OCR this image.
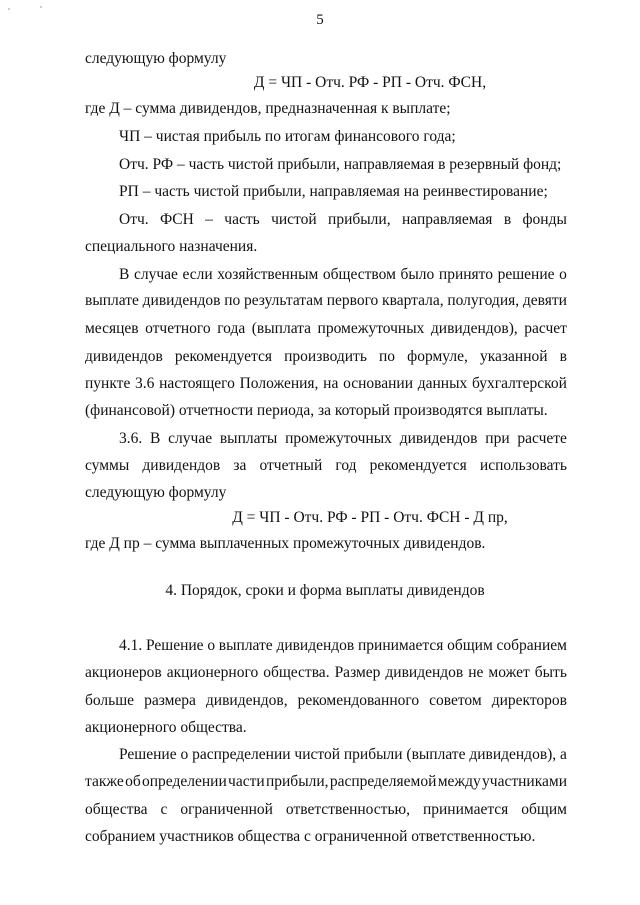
5
следующую формулу
Д = ЧП - Отч. РФ - РП - Отч. ФСН,
где Д – сумма дивидендов, предназначенная к выплате;
ЧП – чистая прибыль по итогам финансового года;
Отч. РФ – часть чистой прибыли, направляемая в резервный фонд;
РП – часть чистой прибыли, направляемая на реинвестирование;
Отч. ФСН – часть чистой прибыли, направляемая в фонды
специального назначения.
В случае если хозяйственным обществом было принято решение о
выплате дивидендов по результатам первого квартала, полугодия, девяти
месяцев отчетного года (выплата промежуточных дивидендов), расчет
дивидендов рекомендуется производить по формуле, указанной в
пункте 3.6 настоящего Положения, на основании данных бухгалтерской
(финансовой) отчетности периода, за который производятся выплаты.
3.6. В случае выплаты промежуточных дивидендов при расчете
суммы дивидендов за отчетный год рекомендуется использовать
следующую формулу
Д = ЧП - Отч. РФ - РП - Отч. ФСН - Д пр,
где Д пр – сумма выплаченных промежуточных дивидендов.
4. Порядок, сроки и форма выплаты дивидендов
4.1. Решение о выплате дивидендов принимается общим собранием
акционеров акционерного общества. Размер дивидендов не может быть
больше размера дивидендов, рекомендованного советом директоров
акционерного общества.
Решение о распределении чистой прибыли (выплате дивидендов), а
также об определении части прибыли, распределяемой между участниками
общества с ограниченной ответственностью, принимается общим
собранием участников общества с ограниченной ответственностью.
